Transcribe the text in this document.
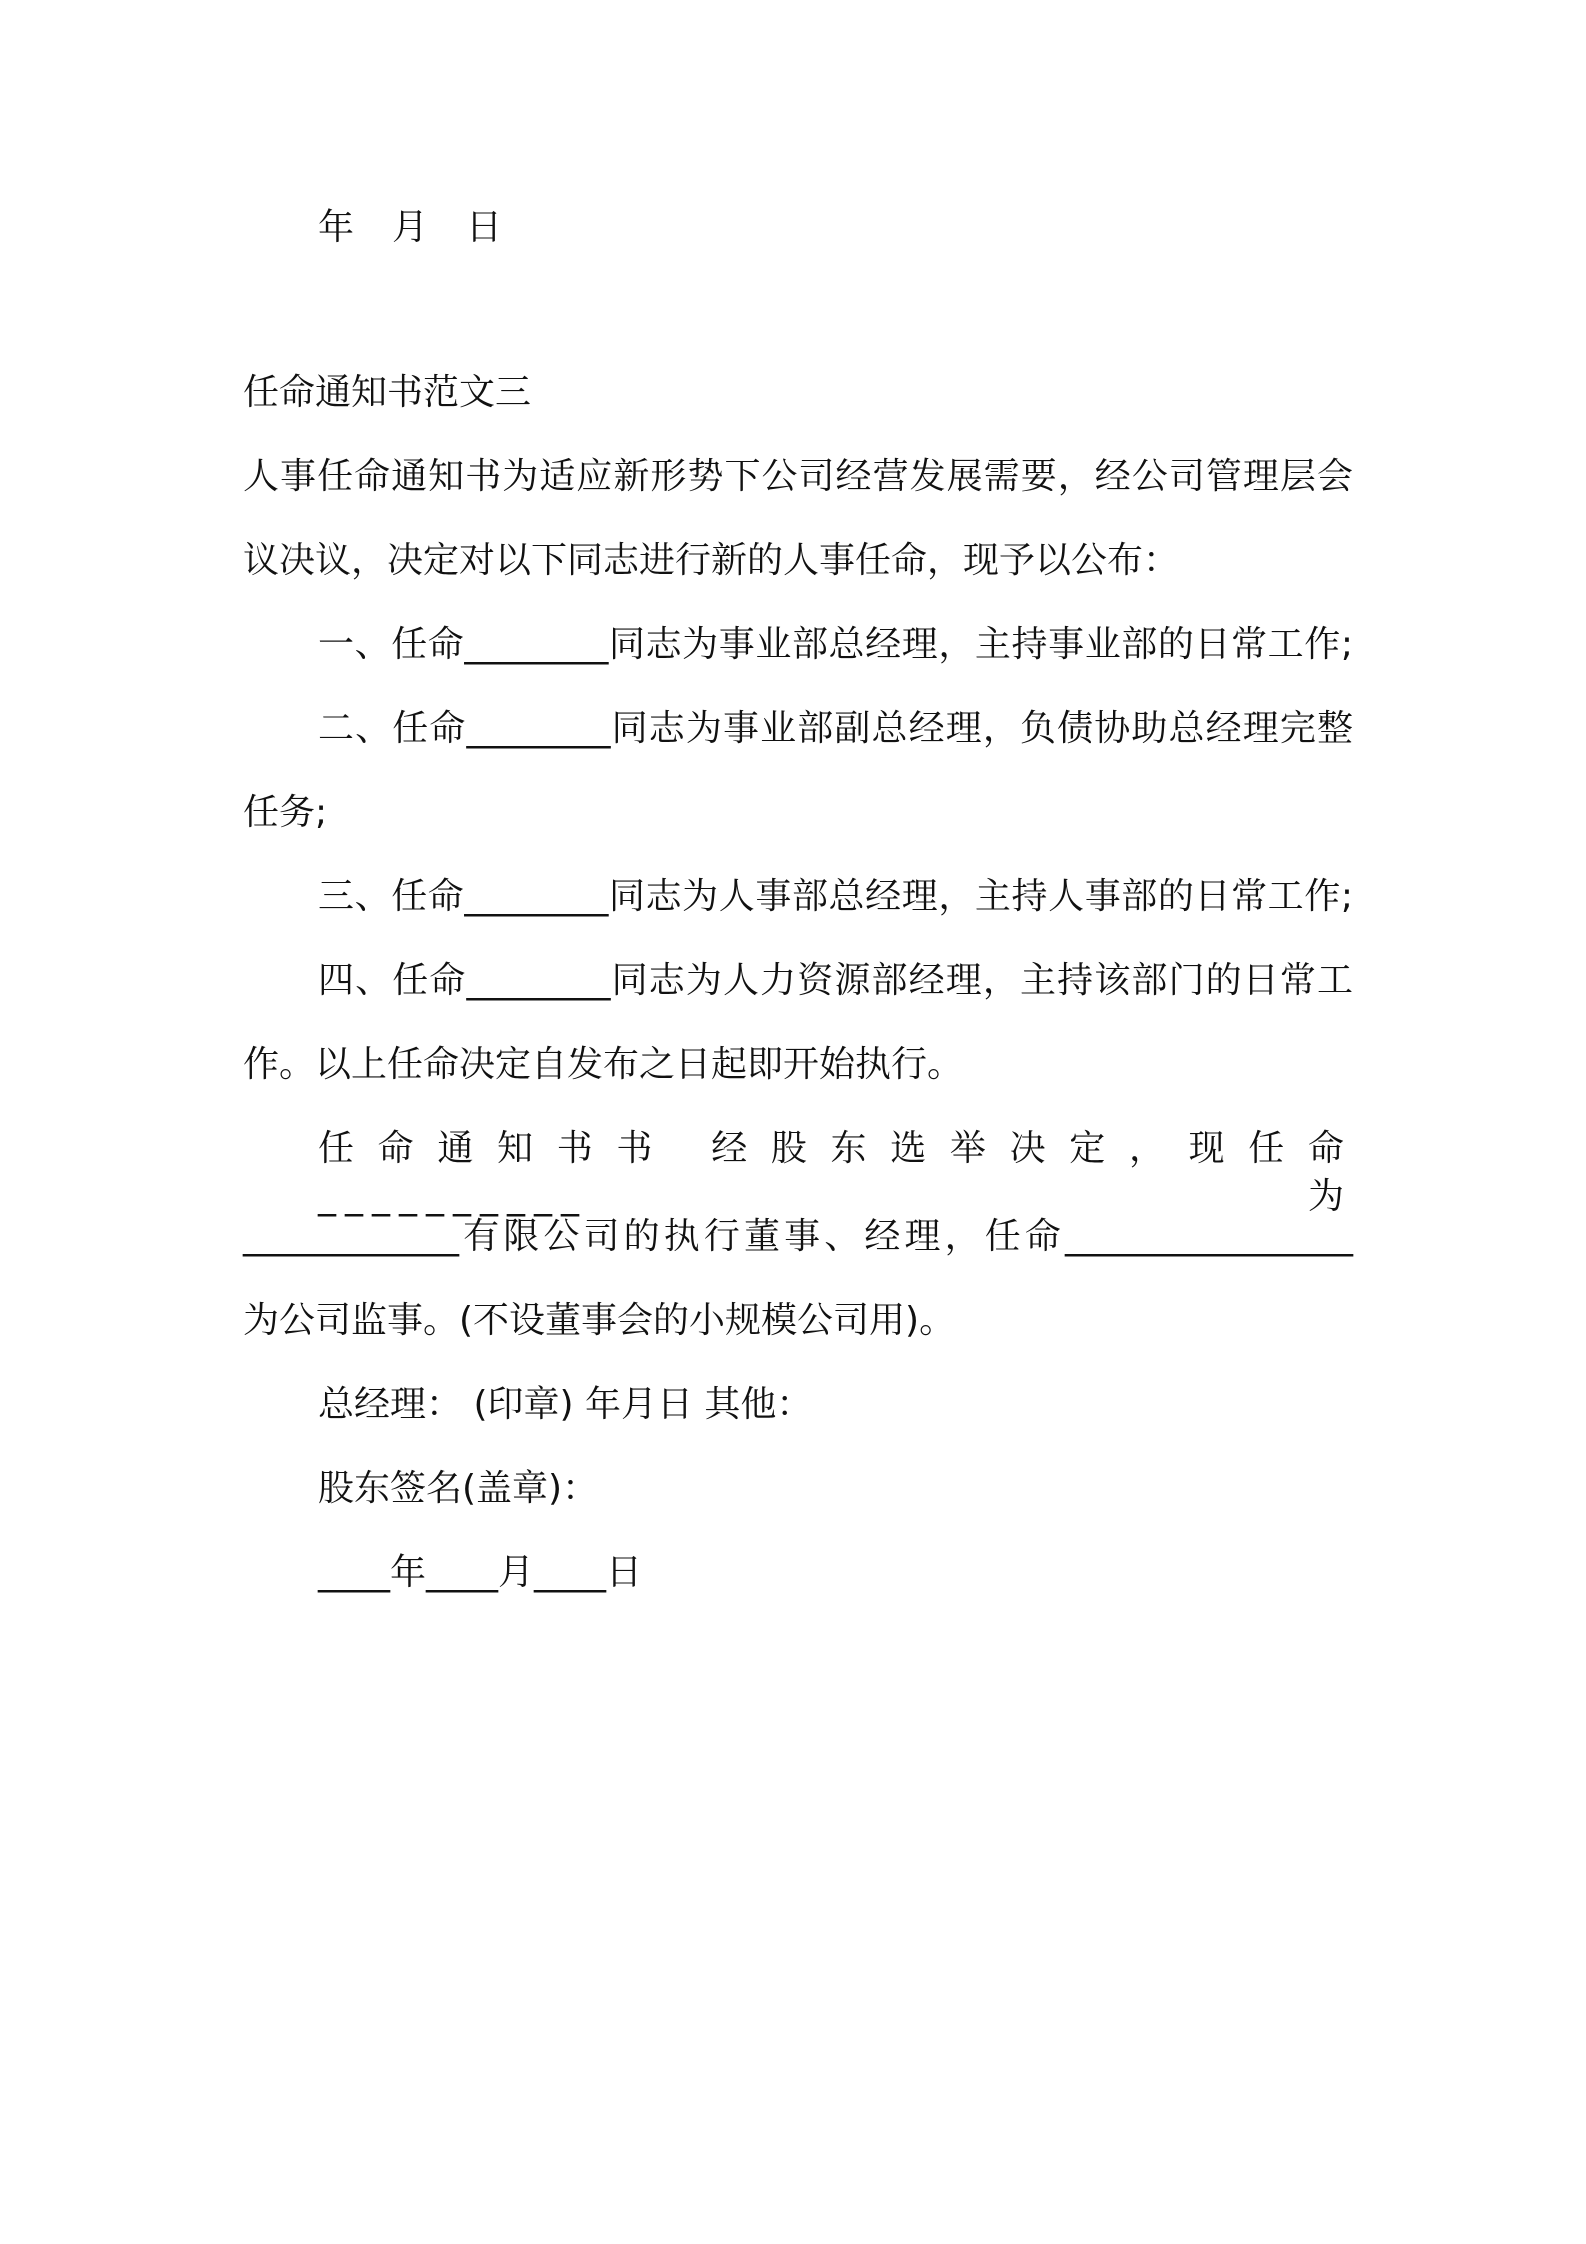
年 月 日
任命通知书范文三
人事任命通知书为适应新形势下公司经营发展需要，经公司管理层会
议决议，决定对以下同志进行新的人事任命，现予以公布：
一、任命________同志为事业部总经理，主持事业部的日常工作;
二、任命________同志为事业部副总经理，负债协助总经理完整
任务;
三、任命________同志为人事部总经理，主持人事部的日常工作;
四、任命________同志为人力资源部经理，主持该部门的日常工
作。以上任命决定自发布之日起即开始执行。
任命通知书书 经股东选举决定，现任命__________为
____________有限公司的执行董事、经理，任命________________
为公司监事。(不设董事会的小规模公司用)。
总经理： (印章) 年月日 其他：
股东签名(盖章)：
____年____月____日
